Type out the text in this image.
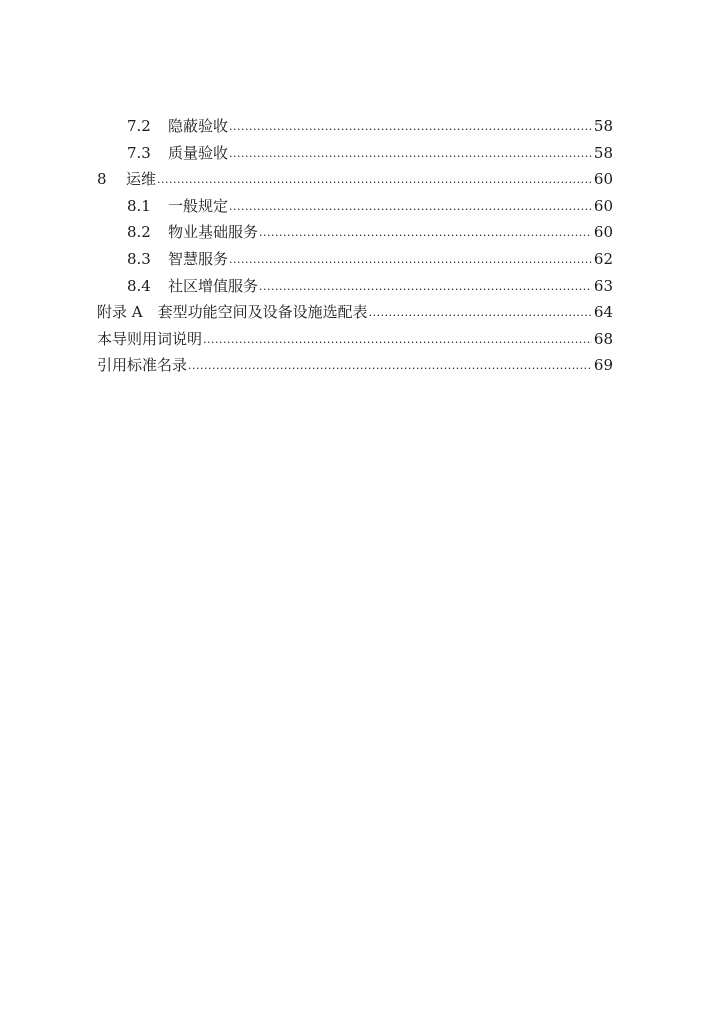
7.2	隐蔽验收 .....	58
7.3	质量验收 .....	58
8	运维 .....	60
8.1	一般规定 .....	60
8.2	物业基础服务 .....	60
8.3	智慧服务 .....	62
8.4	社区增值服务 .....	63
附录 A　套型功能空间及设备设施选配表 .....	64
本导则用词说明 .....	68
引用标准名录 .....	69
